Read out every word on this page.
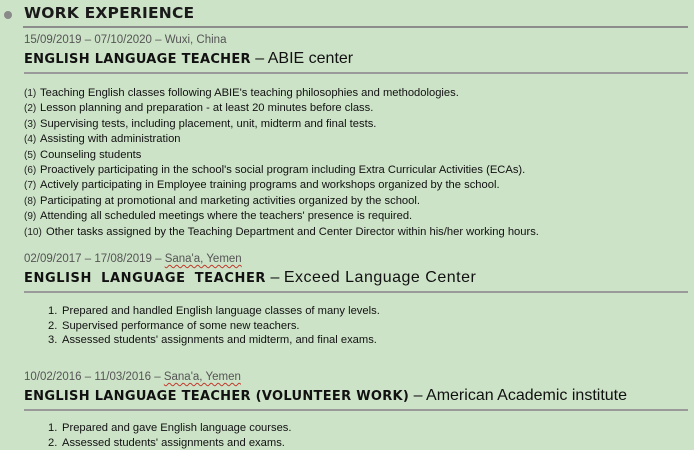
WORK EXPERIENCE
15/09/2019 – 07/10/2020 – Wuxi, China
ENGLISH LANGUAGE TEACHER – ABIE center
(1) Teaching English classes following ABIE's teaching philosophies and methodologies.
(2) Lesson planning and preparation - at least 20 minutes before class.
(3) Supervising tests, including placement, unit, midterm and final tests.
(4) Assisting with administration
(5) Counseling students
(6) Proactively participating in the school's social program including Extra Curricular Activities (ECAs).
(7) Actively participating in Employee training programs and workshops organized by the school.
(8) Participating at promotional and marketing activities organized by the school.
(9) Attending all scheduled meetings where the teachers' presence is required.
(10) Other tasks assigned by the Teaching Department and Center Director within his/her working hours.
02/09/2017 – 17/08/2019 – Sana'a, Yemen
ENGLISH LANGUAGE TEACHER – Exceed Language Center
1. Prepared and handled English language classes of many levels.
2. Supervised performance of some new teachers.
3. Assessed students' assignments and midterm, and final exams.
10/02/2016 – 11/03/2016 – Sana'a, Yemen
ENGLISH LANGUAGE TEACHER (VOLUNTEER WORK) – American Academic institute
1. Prepared and gave English language courses.
2. Assessed students' assignments and exams.
